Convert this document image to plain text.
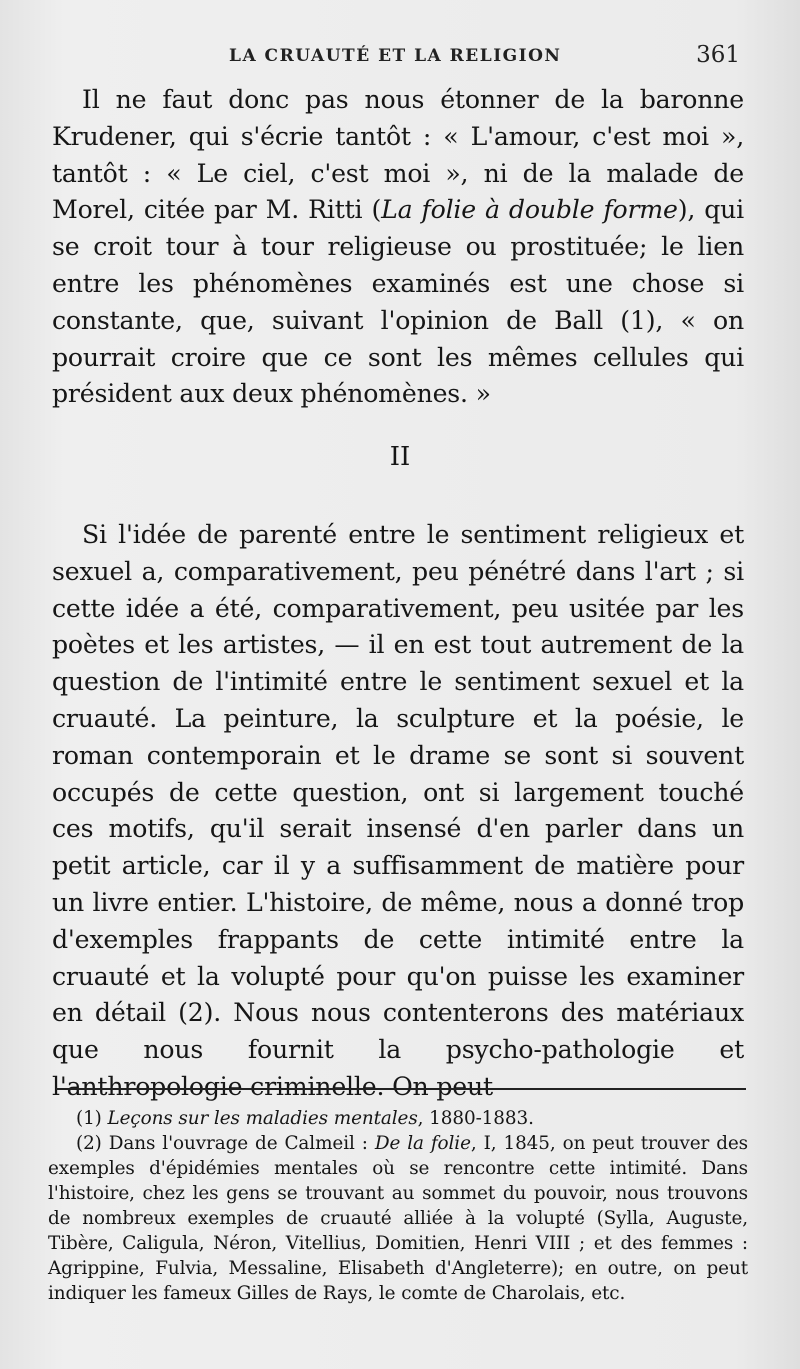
LA CRUAUTÉ ET LA RELIGION	361

Il ne faut donc pas nous étonner de la baronne Krudener, qui s'écrie tantôt : « L'amour, c'est moi », tantôt : « Le ciel, c'est moi », ni de la malade de Morel, citée par M. Ritti (La folie à double forme), qui se croit tour à tour religieuse ou prostituée; le lien entre les phénomènes examinés est une chose si constante, que, suivant l'opinion de Ball (1), « on pourrait croire que ce sont les mêmes cellules qui président aux deux phénomènes. »

II

Si l'idée de parenté entre le sentiment religieux et sexuel a, comparativement, peu pénétré dans l'art ; si cette idée a été, comparativement, peu usitée par les poètes et les artistes, — il en est tout autrement de la question de l'intimité entre le sentiment sexuel et la cruauté. La peinture, la sculpture et la poésie, le roman contemporain et le drame se sont si souvent occupés de cette question, ont si largement touché ces motifs, qu'il serait insensé d'en parler dans un petit article, car il y a suffisamment de matière pour un livre entier. L'histoire, de même, nous a donné trop d'exemples frappants de cette intimité entre la cruauté et la volupté pour qu'on puisse les examiner en détail (2). Nous nous contenterons des matériaux que nous fournit la psycho-pathologie et l'anthropologie criminelle. On peut

(1) Leçons sur les maladies mentales, 1880-1883.

(2) Dans l'ouvrage de Calmeil : De la folie, I, 1845, on peut trouver des exemples d'épidémies mentales où se rencontre cette intimité. Dans l'histoire, chez les gens se trouvant au sommet du pouvoir, nous trouvons de nombreux exemples de cruauté alliée à la volupté (Sylla, Auguste, Tibère, Caligula, Néron, Vitellius, Domitien, Henri VIII ; et des femmes : Agrippine, Fulvia, Messaline, Elisabeth d'Angleterre); en outre, on peut indiquer les fameux Gilles de Rays, le comte de Charolais, etc.
